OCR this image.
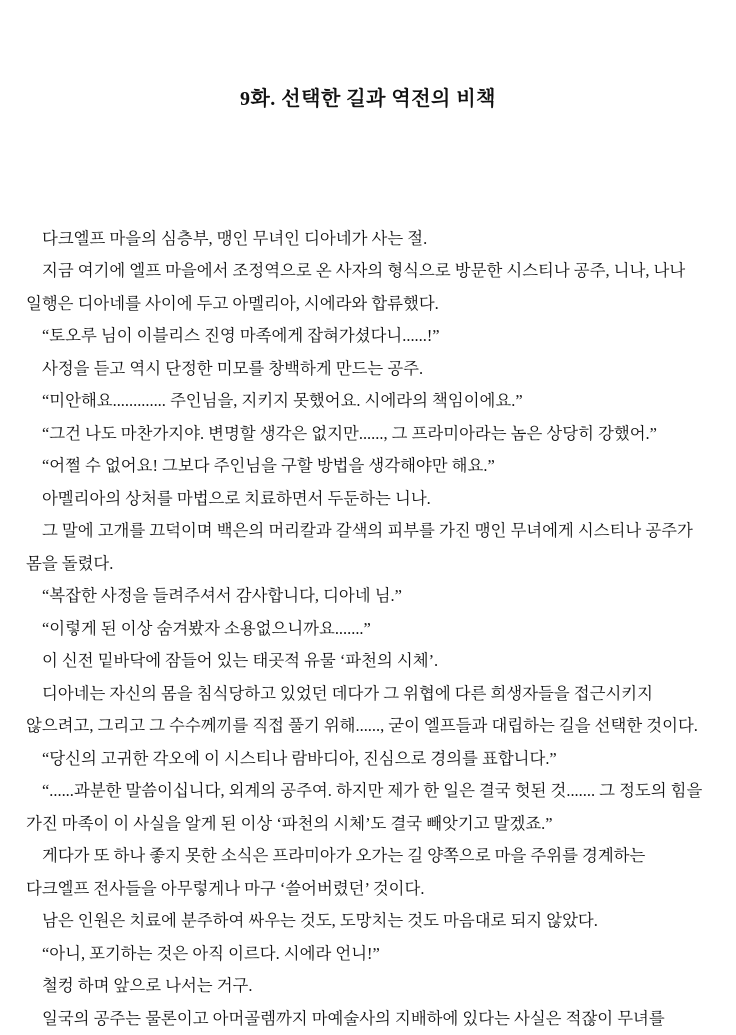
9화. 선택한 길과 역전의 비책

다크엘프 마을의 심층부, 맹인 무녀인 디아네가 사는 절.

지금 여기에 엘프 마을에서 조정역으로 온 사자의 형식으로 방문한 시스티나 공주, 니나, 나나 일행은 디아네를 사이에 두고 아멜리아, 시에라와 합류했다.

“토오루 님이 이블리스 진영 마족에게 잡혀가셨다니......!”

사정을 듣고 역시 단정한 미모를 창백하게 만드는 공주.

“미안해요............. 주인님을, 지키지 못했어요. 시에라의 책임이에요.”

“그건 나도 마찬가지야. 변명할 생각은 없지만......, 그 프라미아라는 놈은 상당히 강했어.”

“어쩔 수 없어요! 그보다 주인님을 구할 방법을 생각해야만 해요.”

아멜리아의 상처를 마법으로 치료하면서 두둔하는 니나.

그 말에 고개를 끄덕이며 백은의 머리칼과 갈색의 피부를 가진 맹인 무녀에게 시스티나 공주가 몸을 돌렸다.

“복잡한 사정을 들려주셔서 감사합니다, 디아네 님.”

“이렇게 된 이상 숨겨봤자 소용없으니까요.......”

이 신전 밑바닥에 잠들어 있는 태곳적 유물 ‘파천의 시체’.

디아네는 자신의 몸을 침식당하고 있었던 데다가 그 위협에 다른 희생자들을 접근시키지 않으려고, 그리고 그 수수께끼를 직접 풀기 위해......, 굳이 엘프들과 대립하는 길을 선택한 것이다.

“당신의 고귀한 각오에 이 시스티나 람바디아, 진심으로 경의를 표합니다.”

“......과분한 말씀이십니다, 외계의 공주여. 하지만 제가 한 일은 결국 헛된 것....... 그 정도의 힘을 가진 마족이 이 사실을 알게 된 이상 ‘파천의 시체’도 결국 빼앗기고 말겠죠.”

게다가 또 하나 좋지 못한 소식은 프라미아가 오가는 길 양쪽으로 마을 주위를 경계하는 다크엘프 전사들을 아무렇게나 마구 ‘쓸어버렸던’ 것이다.

남은 인원은 치료에 분주하여 싸우는 것도, 도망치는 것도 마음대로 되지 않았다.

“아니, 포기하는 것은 아직 이르다. 시에라 언니!”

철컹 하며 앞으로 나서는 거구.

일국의 공주는 물론이고 아머골렘까지 마예술사의 지배하에 있다는 사실은 적잖이 무녀를
